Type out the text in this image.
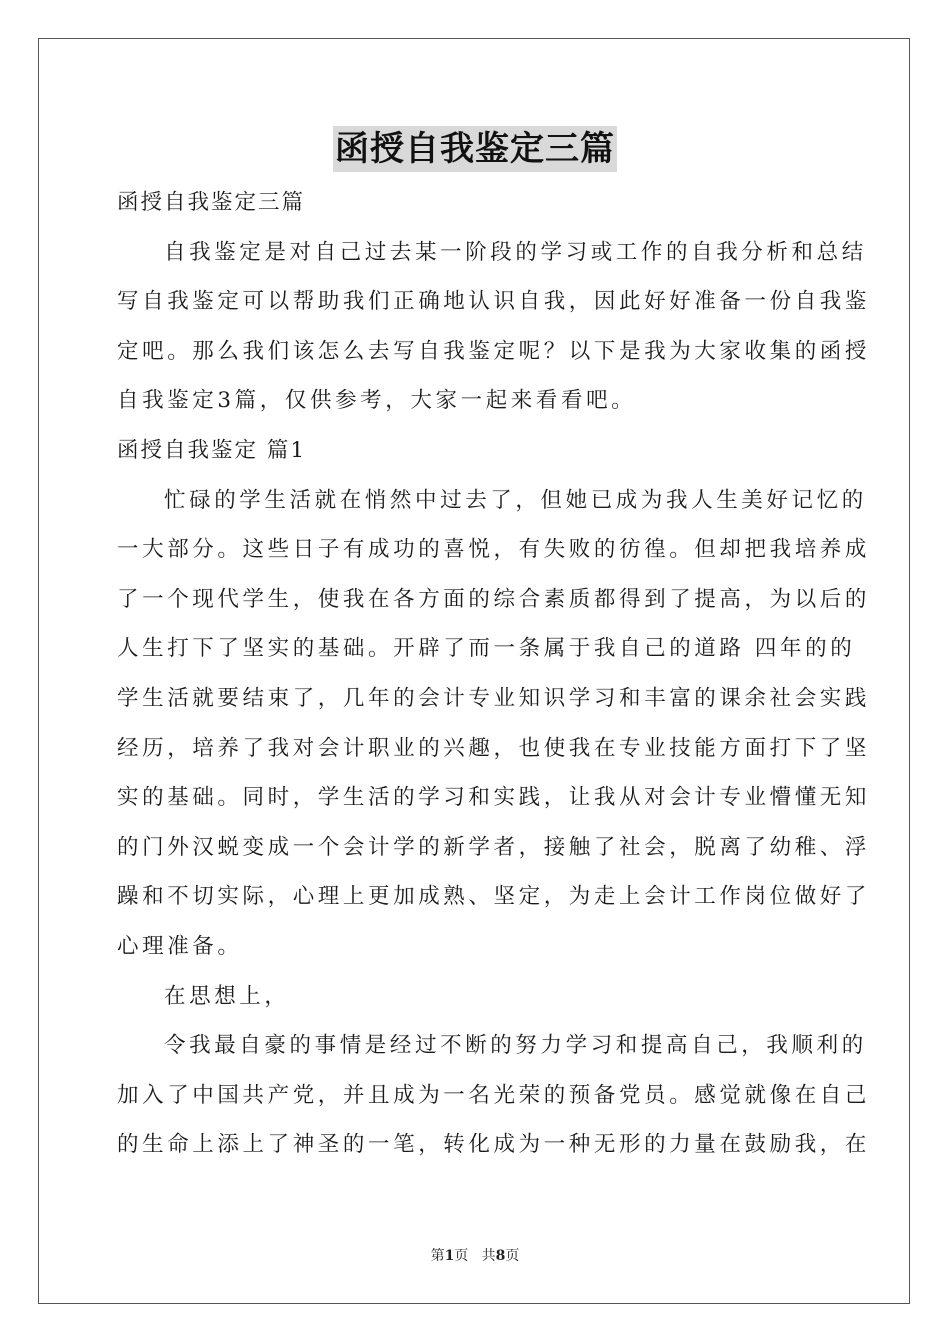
函授自我鉴定三篇
函授自我鉴定三篇
自我鉴定是对自己过去某一阶段的学习或工作的自我分析和总结
写自我鉴定可以帮助我们正确地认识自我，因此好好准备一份自我鉴
定吧。那么我们该怎么去写自我鉴定呢？以下是我为大家收集的函授
自我鉴定3篇，仅供参考，大家一起来看看吧。
函授自我鉴定 篇1
忙碌的学生活就在悄然中过去了，但她已成为我人生美好记忆的
一大部分。这些日子有成功的喜悦，有失败的彷徨。但却把我培养成
了一个现代学生，使我在各方面的综合素质都得到了提高，为以后的
人生打下了坚实的基础。开辟了而一条属于我自己的道路 四年的的
学生活就要结束了，几年的会计专业知识学习和丰富的课余社会实践
经历，培养了我对会计职业的兴趣，也使我在专业技能方面打下了坚
实的基础。同时，学生活的学习和实践，让我从对会计专业懵懂无知
的门外汉蜕变成一个会计学的新学者，接触了社会，脱离了幼稚、浮
躁和不切实际，心理上更加成熟、坚定，为走上会计工作岗位做好了
心理准备。
在思想上，
令我最自豪的事情是经过不断的努力学习和提高自己，我顺利的
加入了中国共产党，并且成为一名光荣的预备党员。感觉就像在自己
的生命上添上了神圣的一笔，转化成为一种无形的力量在鼓励我，在
第1页 共8页
